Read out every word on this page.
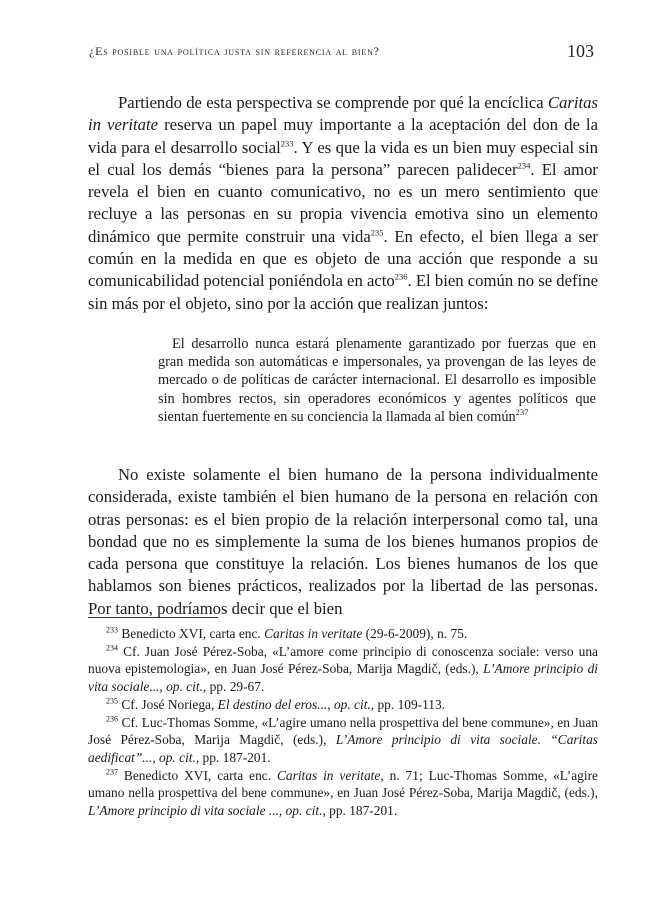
¿Es posible una política justa sin referencia al bien?	103

Partiendo de esta perspectiva se comprende por qué la encíclica Caritas in veritate reserva un papel muy importante a la aceptación del don de la vida para el desarrollo social$^{233}$. Y es que la vida es un bien muy especial sin el cual los demás “bienes para la persona” parecen palidecer$^{234}$. El amor revela el bien en cuanto comunicativo, no es un mero sentimiento que recluye a las personas en su propia vivencia emotiva sino un elemento dinámico que permite construir una vida$^{235}$. En efecto, el bien llega a ser común en la medida en que es objeto de una acción que responde a su comunicabilidad potencial poniéndola en acto$^{236}$. El bien común no se define sin más por el objeto, sino por la acción que realizan juntos:

El desarrollo nunca estará plenamente garantizado por fuerzas que en gran medida son automáticas e impersonales, ya provengan de las leyes de mercado o de políticas de carácter internacional. El desarrollo es imposible sin hombres rectos, sin operadores económicos y agentes políticos que sientan fuertemente en su conciencia la llamada al bien común$^{237}$

No existe solamente el bien humano de la persona individualmente considerada, existe también el bien humano de la persona en relación con otras personas: es el bien propio de la relación interpersonal como tal, una bondad que no es simplemente la suma de los bienes humanos propios de cada persona que constituye la relación. Los bienes humanos de los que hablamos son bienes prácticos, realizados por la libertad de las personas. Por tanto, podríamos decir que el bien

$^{233}$ Benedicto XVI, carta enc. Caritas in veritate (29-6-2009), n. 75.

$^{234}$ Cf. Juan José Pérez-Soba, «L’amore come principio di conoscenza sociale: verso una nuova epistemologia», en Juan José Pérez-Soba, Marija Magdič, (eds.), L’Amore principio di vita sociale..., op. cit., pp. 29-67.

$^{235}$ Cf. José Noriega, El destino del eros..., op. cit., pp. 109-113.

$^{236}$ Cf. Luc-Thomas Somme, «L’agire umano nella prospettiva del bene commune», en Juan José Pérez-Soba, Marija Magdič, (eds.), L’Amore principio di vita sociale. “Caritas aedificat”..., op. cit., pp. 187-201.

$^{237}$ Benedicto XVI, carta enc. Caritas in veritate, n. 71; Luc-Thomas Somme, «L’agire umano nella prospettiva del bene commune», en Juan José Pérez-Soba, Marija Magdič, (eds.), L’Amore principio di vita sociale ..., op. cit., pp. 187-201.
